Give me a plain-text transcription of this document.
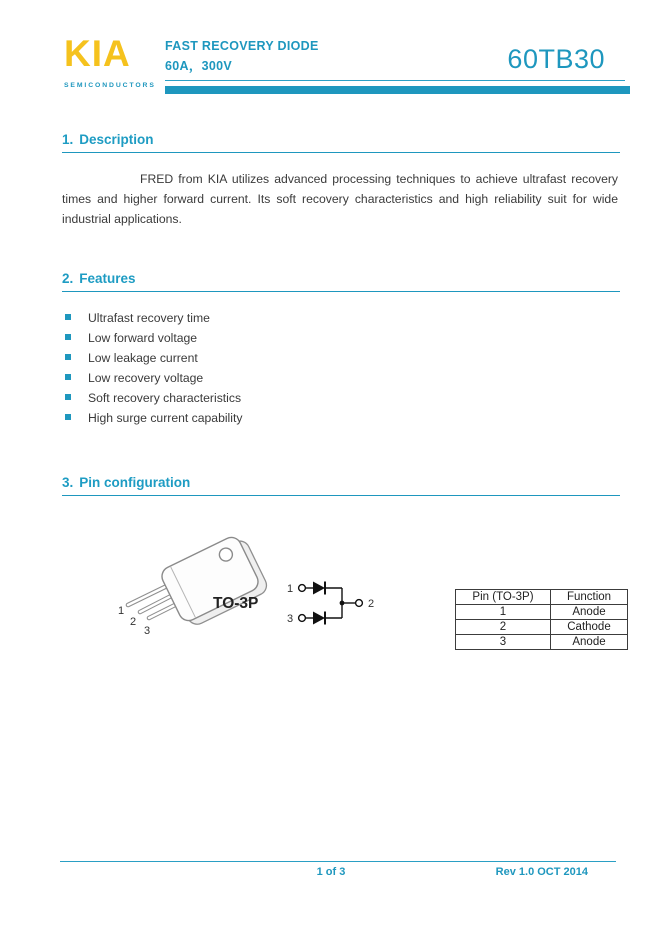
KIA
SEMICONDUCTORS
FAST RECOVERY DIODE
60A，300V	60TB30
1. Description
FRED from KIA utilizes advanced processing techniques to achieve ultrafast recovery times and higher forward current. Its soft recovery characteristics and high reliability suit for wide industrial applications.
2. Features
Ultrafast recovery time
Low forward voltage
Low leakage current
Low recovery voltage
Soft recovery characteristics
High surge current capability
3. Pin configuration
1
2
3
TO-3P
1
2
3
Pin (TO-3P)	Function
1	Anode
2	Cathode
3	Anode
1 of 3	Rev 1.0 OCT 2014
